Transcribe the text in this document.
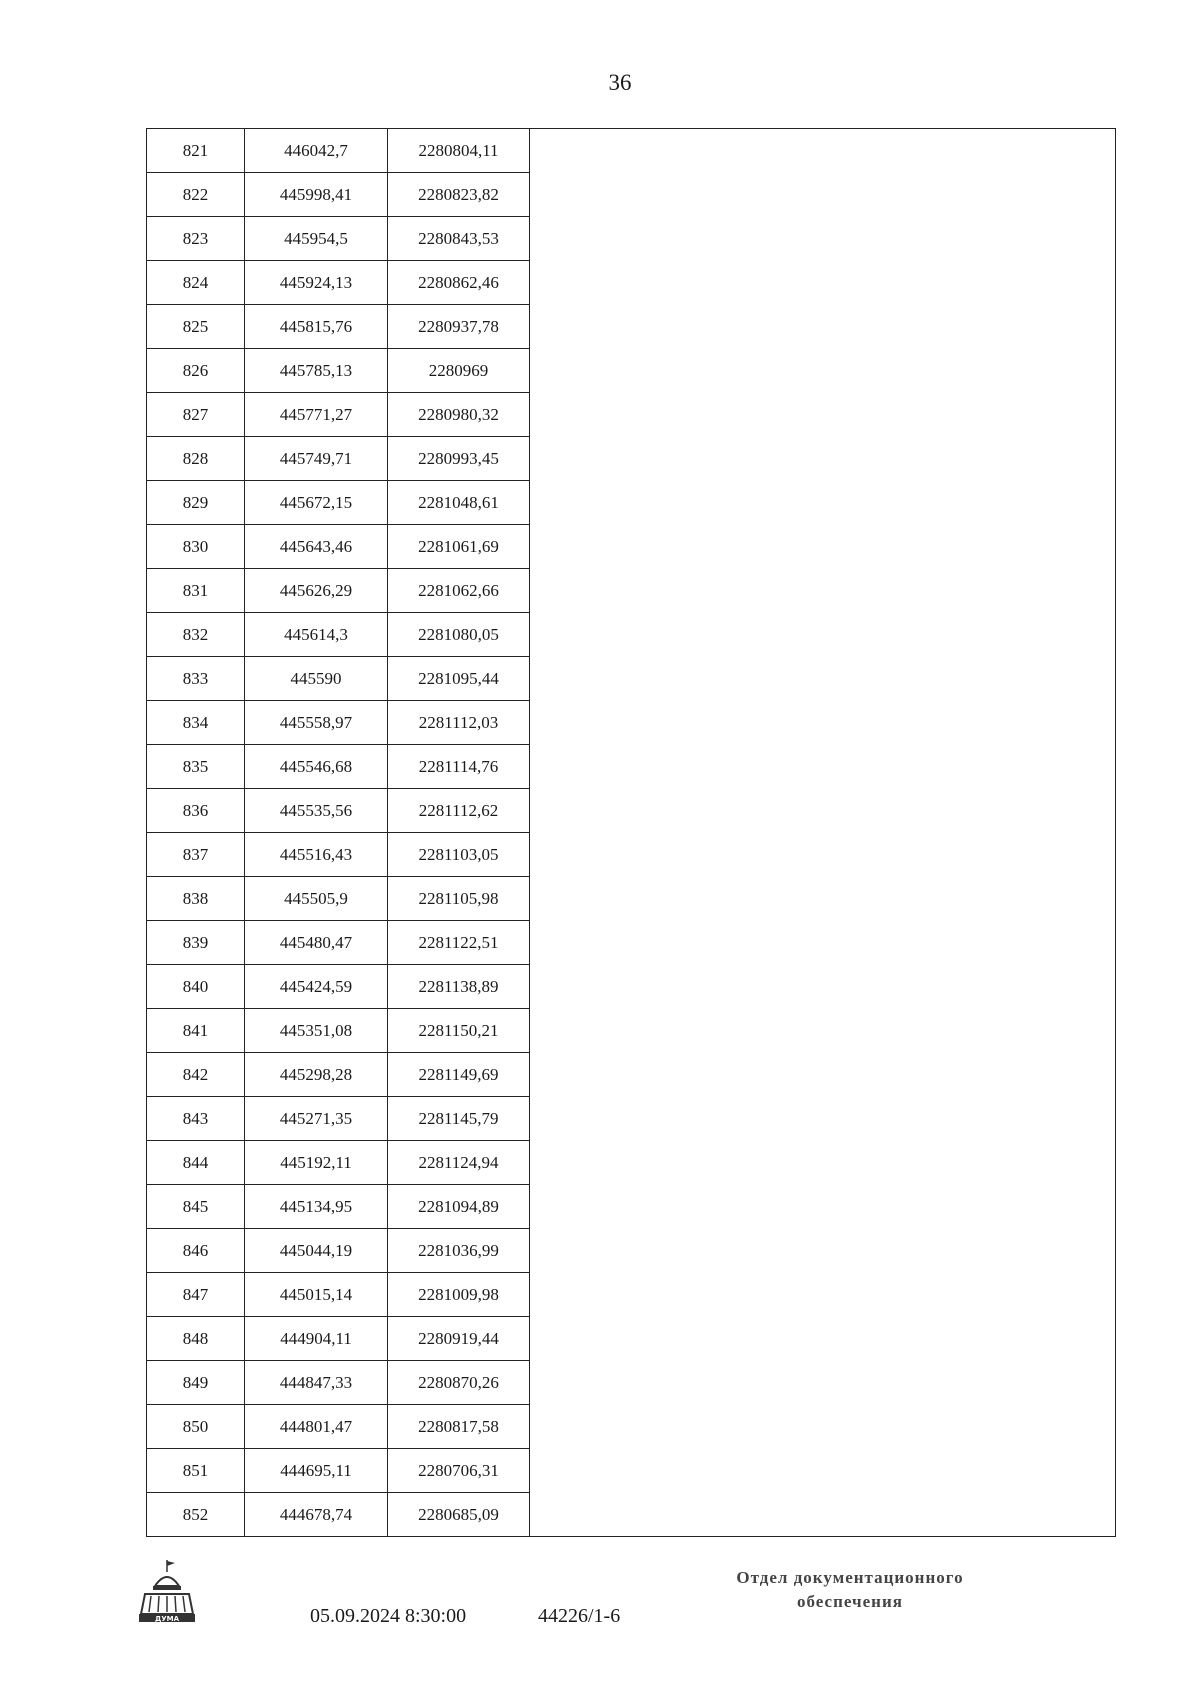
36
821	446042,7	2280804,11	
822	445998,41	2280823,82	
823	445954,5	2280843,53	
824	445924,13	2280862,46	
825	445815,76	2280937,78	
826	445785,13	2280969	
827	445771,27	2280980,32	
828	445749,71	2280993,45	
829	445672,15	2281048,61	
830	445643,46	2281061,69	
831	445626,29	2281062,66	
832	445614,3	2281080,05	
833	445590	2281095,44	
834	445558,97	2281112,03	
835	445546,68	2281114,76	
836	445535,56	2281112,62	
837	445516,43	2281103,05	
838	445505,9	2281105,98	
839	445480,47	2281122,51	
840	445424,59	2281138,89	
841	445351,08	2281150,21	
842	445298,28	2281149,69	
843	445271,35	2281145,79	
844	445192,11	2281124,94	
845	445134,95	2281094,89	
846	445044,19	2281036,99	
847	445015,14	2281009,98	
848	444904,11	2280919,44	
849	444847,33	2280870,26	
850	444801,47	2280817,58	
851	444695,11	2280706,31	
852	444678,74	2280685,09	
ДУМА	05.09.2024 8:30:00	44226/1-6
Отдел документационного
обеспечения
